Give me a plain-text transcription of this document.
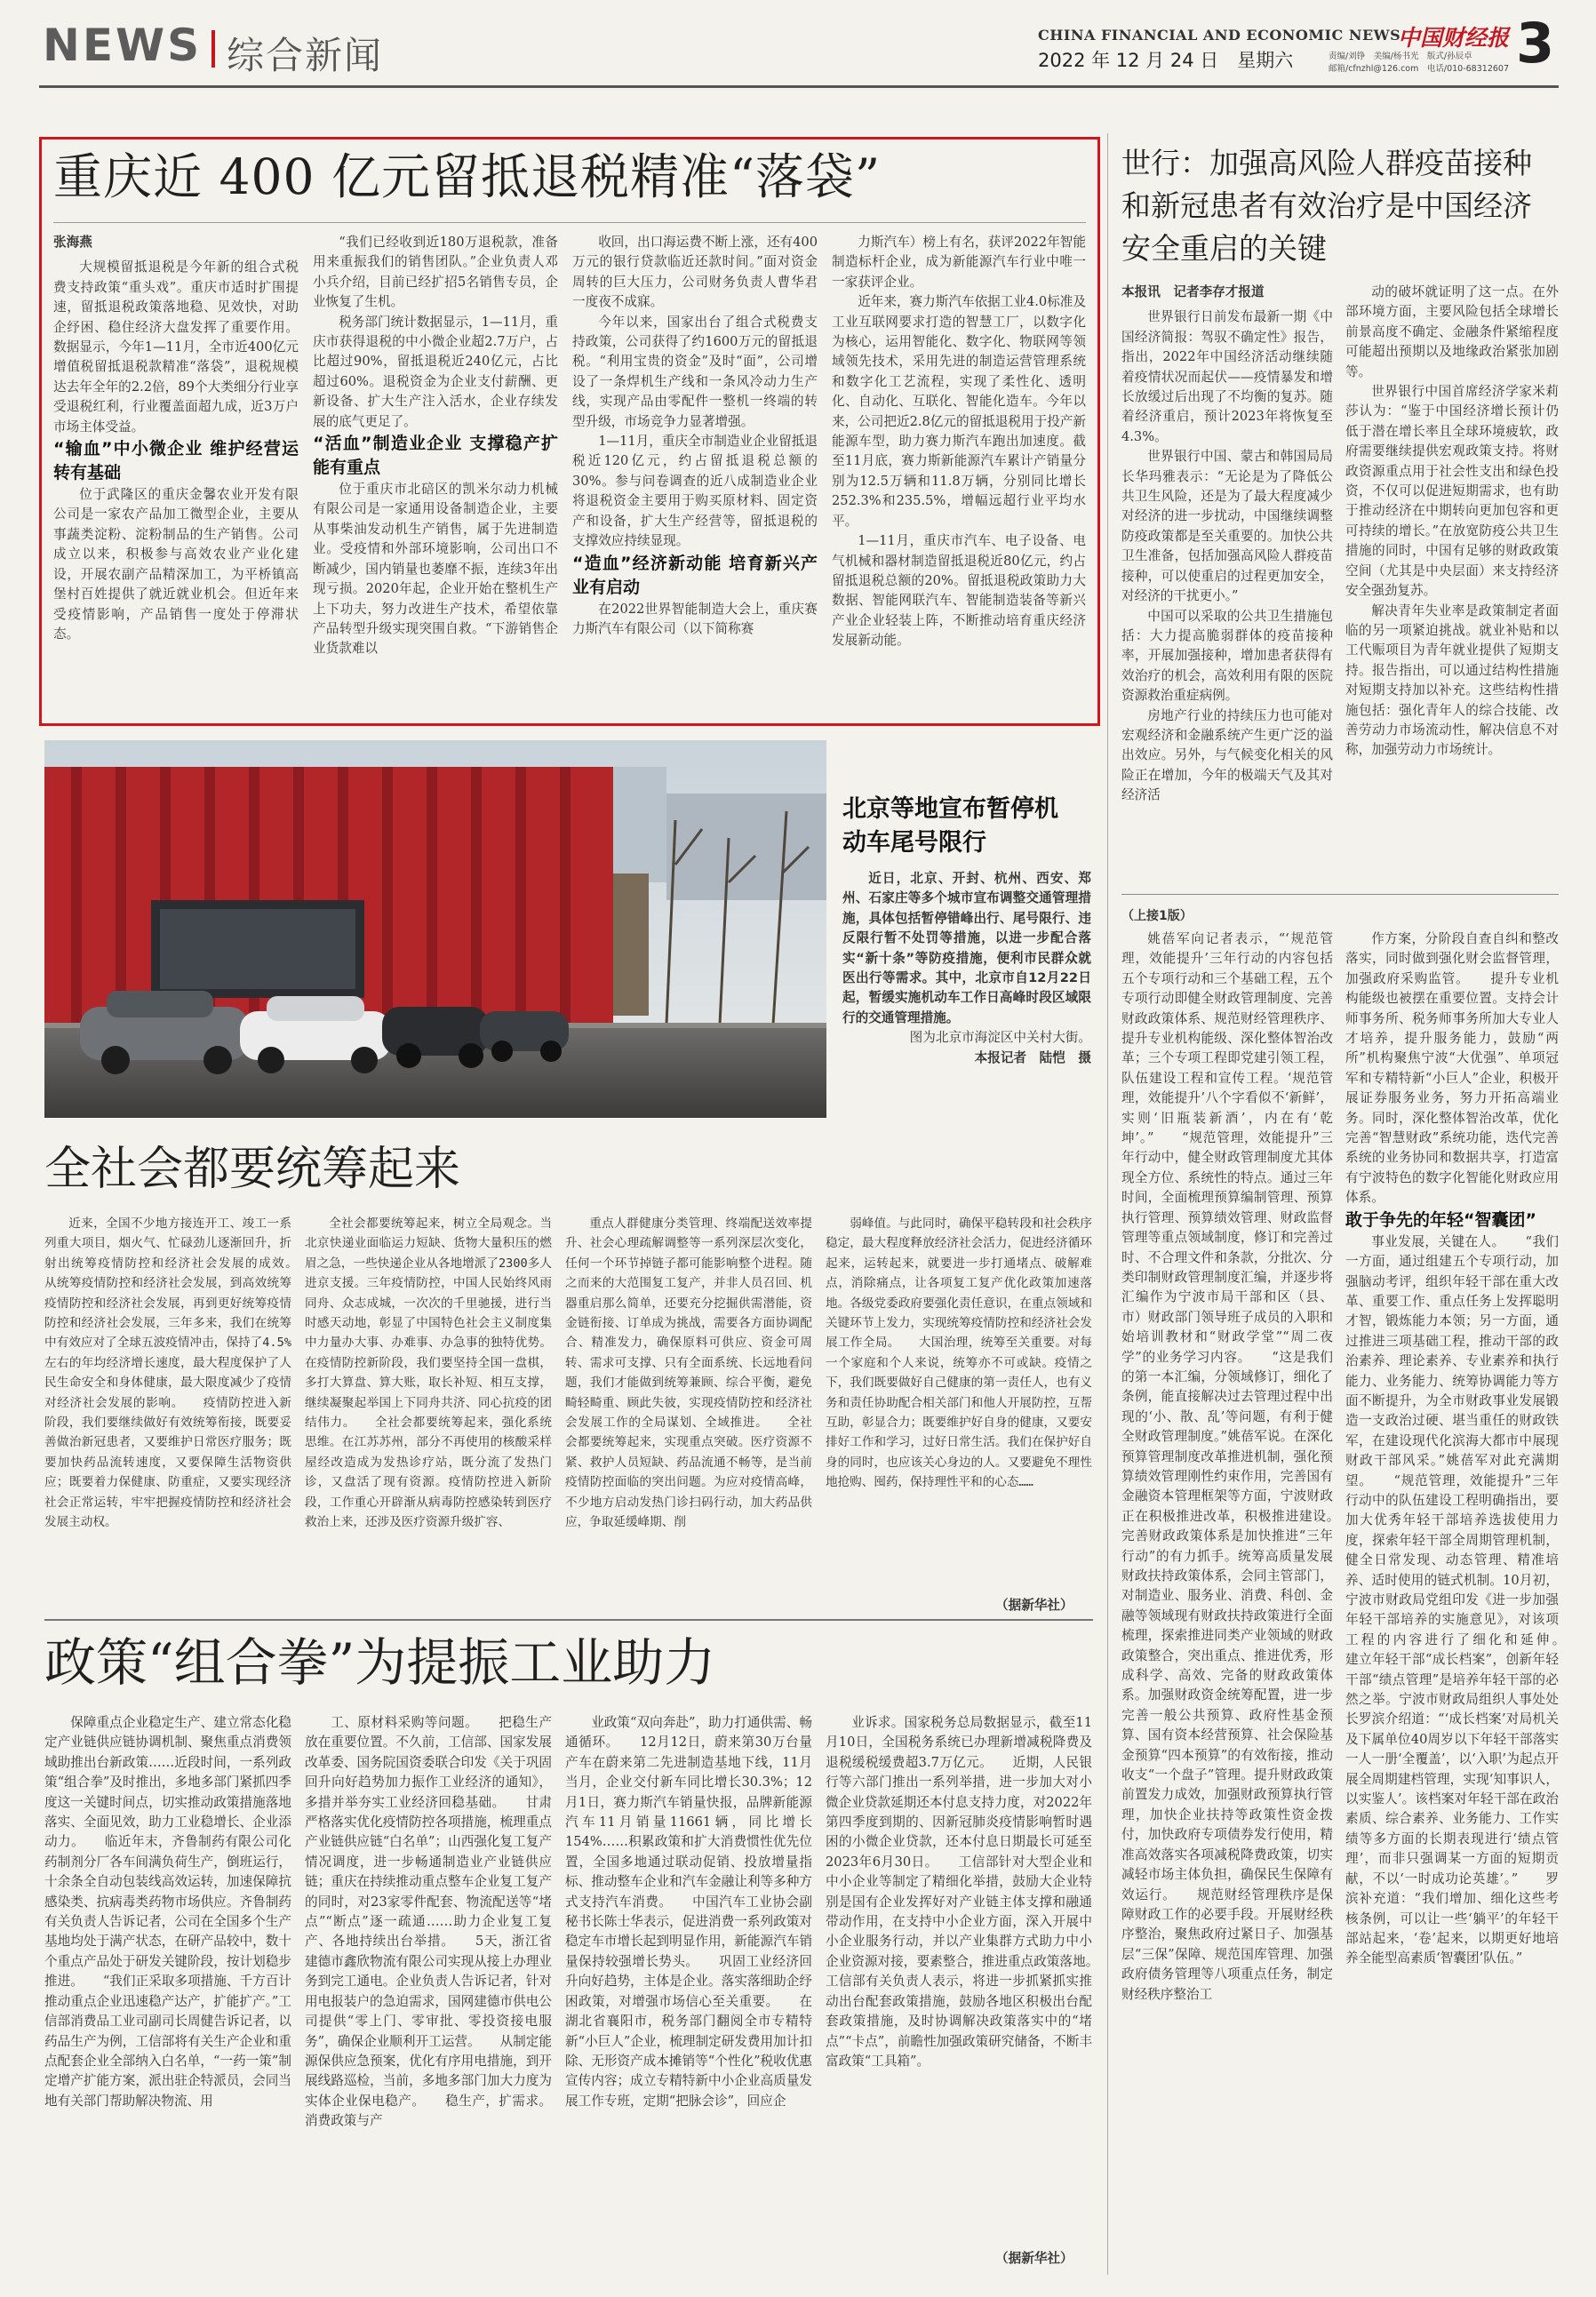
NEWS 综合新闻	CHINA FINANCIAL AND ECONOMIC NEWS
中国财经报
2022 年 12 月 24 日　星期六	责编/刘铮　美编/杨书光　版式/孙辰卓
邮箱/cfnzhl@126.com　电话/010-68312607 3
重庆近 400 亿元留抵退税精准“落袋”

张海燕

大规模留抵退税是今年新的组合式税费支持政策“重头戏”。重庆市适时扩围提速，留抵退税政策落地稳、见效快，对助企纾困、稳住经济大盘发挥了重要作用。数据显示，今年1—11月，全市近400亿元增值税留抵退税款精准“落袋”，退税规模达去年全年的2.2倍，89个大类细分行业享受退税红利，行业覆盖面超九成，近3万户市场主体受益。

“输血”中小微企业 维护经营运转有基础

位于武隆区的重庆金馨农业开发有限公司是一家农产品加工微型企业，主要从事蔬类淀粉、淀粉制品的生产销售。公司成立以来，积极参与高效农业产业化建设，开展农副产品精深加工，为平桥镇高堡村百姓提供了就近就业机会。但近年来受疫情影响，产品销售一度处于停滞状态。

“我们已经收到近180万退税款，准备用来重振我们的销售团队。”企业负责人邓小兵介绍，目前已经扩招5名销售专员，企业恢复了生机。

税务部门统计数据显示，1—11月，重庆市获得退税的中小微企业超2.7万户，占比超过90%，留抵退税近240亿元，占比超过60%。退税资金为企业支付薪酬、更新设备、扩大生产注入活水，企业存续发展的底气更足了。

“活血”制造业企业 支撑稳产扩能有重点

位于重庆市北碚区的凯米尔动力机械有限公司是一家通用设备制造企业，主要从事柴油发动机生产销售，属于先进制造业。受疫情和外部环境影响，公司出口不断减少，国内销量也萎靡不振，连续3年出现亏损。2020年起，企业开始在整机生产上下功夫，努力改进生产技术，希望依靠产品转型升级实现突围自救。“下游销售企业货款难以

收回，出口海运费不断上涨，还有400万元的银行贷款临近还款时间。”面对资金周转的巨大压力，公司财务负责人曹华君一度夜不成寐。

今年以来，国家出台了组合式税费支持政策，公司获得了约1600万元的留抵退税。“利用宝贵的资金”及时“面”，公司增设了一条焊机生产线和一条风冷动力生产线，实现产品由零配件一整机一终端的转型升级，市场竞争力显著增强。

1—11月，重庆全市制造业企业留抵退税近120亿元，约占留抵退税总额的30%。参与问卷调查的近八成制造业企业将退税资金主要用于购买原材料、固定资产和设备，扩大生产经营等，留抵退税的支撑效应持续显现。

“造血”经济新动能 培育新兴产业有启动

在2022世界智能制造大会上，重庆赛力斯汽车有限公司（以下简称赛

力斯汽车）榜上有名，获评2022年智能制造标杆企业，成为新能源汽车行业中唯一一家获评企业。

近年来，赛力斯汽车依据工业4.0标准及工业互联网要求打造的智慧工厂，以数字化为核心，运用智能化、数字化、物联网等领域领先技术，采用先进的制造运营管理系统和数字化工艺流程，实现了柔性化、透明化、自动化、互联化、智能化造车。今年以来，公司把近2.8亿元的留抵退税用于投产新能源车型，助力赛力斯汽车跑出加速度。截至11月底，赛力斯新能源汽车累计产销量分别为12.5万辆和11.8万辆，分别同比增长252.3%和235.5%，增幅远超行业平均水平。

1—11月，重庆市汽车、电子设备、电气机械和器材制造留抵退税近80亿元，约占留抵退税总额的20%。留抵退税政策助力大数据、智能网联汽车、智能制造装备等新兴产业企业轻装上阵，不断推动培育重庆经济发展新动能。

世行：加强高风险人群疫苗接种和新冠患者有效治疗是中国经济安全重启的关键

本报讯　记者李存才报道

世界银行日前发布最新一期《中国经济简报：驾驭不确定性》报告，指出，2022年中国经济活动继续随着疫情状况而起伏——疫情暴发和增长放缓过后出现了不均衡的复苏。随着经济重启，预计2023年将恢复至4.3%。

世界银行中国、蒙古和韩国局局长华玛雅表示：“无论是为了降低公共卫生风险，还是为了最大程度减少对经济的进一步扰动，中国继续调整防疫政策都是至关重要的。加快公共卫生准备，包括加强高风险人群疫苗接种，可以使重启的过程更加安全，对经济的干扰更小。”

中国可以采取的公共卫生措施包括：大力提高脆弱群体的疫苗接种率，开展加强接种，增加患者获得有效治疗的机会，高效利用有限的医院资源救治重症病例。

房地产行业的持续压力也可能对宏观经济和金融系统产生更广泛的溢出效应。另外，与气候变化相关的风险正在增加，今年的极端天气及其对经济活

动的破坏就证明了这一点。在外部环境方面，主要风险包括全球增长前景高度不确定、金融条件紧缩程度可能超出预期以及地缘政治紧张加剧等。

世界银行中国首席经济学家米莉莎认为：“鉴于中国经济增长预计仍低于潜在增长率且全球环境疲软，政府需要继续提供宏观政策支持。将财政资源重点用于社会性支出和绿色投资，不仅可以促进短期需求，也有助于推动经济在中期转向更加包容和更可持续的增长。”在放宽防疫公共卫生措施的同时，中国有足够的财政政策空间（尤其是中央层面）来支持经济安全强劲复苏。

解决青年失业率是政策制定者面临的另一项紧迫挑战。就业补贴和以工代赈项目为青年就业提供了短期支持。报告指出，可以通过结构性措施对短期支持加以补充。这些结构性措施包括：强化青年人的综合技能、改善劳动力市场流动性，解决信息不对称，加强劳动力市场统计。

北京等地宣布暂停机动车尾号限行

近日，北京、开封、杭州、西安、郑州、石家庄等多个城市宣布调整交通管理措施，具体包括暂停错峰出行、尾号限行、违反限行暂不处罚等措施，以进一步配合落实“新十条”等防疫措施，便利市民群众就医出行等需求。其中，北京市自12月22日起，暂缓实施机动车工作日高峰时段区域限行的交通管理措施。

图为北京市海淀区中关村大街。

本报记者　陆恺　摄

（上接1版）

姚蓓军向记者表示，“‘规范管理，效能提升’三年行动的内容包括五个专项行动和三个基础工程，五个专项行动即健全财政管理制度、完善财政政策体系、规范财经管理秩序、提升专业机构能级、深化整体智治改革；三个专项工程即党建引领工程，队伍建设工程和宣传工程。‘规范管理，效能提升’八个字看似不‘新鲜’，实则‘旧瓶装新酒’，内在有‘乾坤’。”　　“规范管理，效能提升”三年行动中，健全财政管理制度尤其体现全方位、系统性的特点。通过三年时间，全面梳理预算编制管理、预算执行管理、预算绩效管理、财政监督管理等重点领域制度，修订和完善过时、不合理文件和条款，分批次、分类印制财政管理制度汇编，并逐步将汇编作为宁波市局干部和区（县、市）财政部门领导班子成员的入职和始培训教材和“财政学堂”“周二夜学”的业务学习内容。　　“这是我们的第一本汇编，分领域修订，细化了条例，能直接解决过去管理过程中出现的‘小、散、乱’等问题，有利于健全财政管理制度。”姚蓓军说。在深化预算管理制度改革推进机制，强化预算绩效管理刚性约束作用，完善国有金融资本管理框架等方面，宁波财政正在积极推进改革，积极推进建设。　　完善财政政策体系是加快推进“三年行动”的有力抓手。统筹高质量发展财政扶持政策体系，会同主管部门，对制造业、服务业、消费、科创、金融等领域现有财政扶持政策进行全面梳理，探索推进同类产业领域的财政政策整合，突出重点、推进优秀，形成科学、高效、完备的财政政策体系。加强财政资金统筹配置，进一步完善一般公共预算、政府性基金预算、国有资本经营预算、社会保险基金预算“四本预算”的有效衔接，推动收支“一个盘子”管理。提升财政政策前置发力成效，加强财政预算执行管理，加快企业扶持等政策性资金拨付，加快政府专项债券发行使用，精准高效落实各项减税降费政策，切实减轻市场主体负担，确保民生保障有效运行。　　规范财经管理秩序是保障财政工作的必要手段。开展财经秩序整治，聚焦政府过紧日子、加强基层“三保”保障、规范国库管理、加强政府债务管理等八项重点任务，制定财经秩序整治工

作方案，分阶段自查自纠和整改落实，同时做到强化财会监督管理，加强政府采购监管。　　提升专业机构能级也被摆在重要位置。支持会计师事务所、税务师事务所加大专业人才培养，提升服务能力，鼓励“两所”机构聚焦宁波“大优强”、单项冠军和专精特新“小巨人”企业，积极开展证券服务业务，努力开拓高端业务。同时，深化整体智治改革，优化完善“智慧财政”系统功能，迭代完善系统的业务协同和数据共享，打造富有宁波特色的数字化智能化财政应用体系。

敢于争先的年轻“智囊团”

事业发展，关键在人。　　“我们一方面，通过组建五个专项行动，加强脑动考评，组织年轻干部在重大改革、重要工作、重点任务上发挥聪明才智，锻炼能力本领；另一方面，通过推进三项基础工程，推动干部的政治素养、理论素养、专业素养和执行能力、业务能力、统筹协调能力等方面不断提升，为全市财政事业发展锻造一支政治过硬、堪当重任的财政铁军，在建设现代化滨海大都市中展现财政干部风采。”姚蓓军对此充满期望。　　“规范管理，效能提升”三年行动中的队伍建设工程明确指出，要加大优秀年轻干部培养选拔使用力度，探索年轻干部全周期管理机制，健全日常发现、动态管理、精准培养、适时使用的链式机制。10月初，宁波市财政局党组印发《进一步加强年轻干部培养的实施意见》，对该项工程的内容进行了细化和延伸。　　建立年轻干部“成长档案”，创新年轻干部“绩点管理”是培养年轻干部的必然之举。宁波市财政局组织人事处处长罗滨介绍道：“‘成长档案’对局机关及下属单位40周岁以下年轻干部落实一人一册‘全覆盖’，以‘入职’为起点开展全周期建档管理，实现‘知事识人，以实鉴人’。该档案对年轻干部在政治素质、综合素养、业务能力、工作实绩等多方面的长期表现进行‘绩点管理’，而非只强调某一方面的短期贡献，不以‘一时成功论英雄’。”　　罗滨补充道：“我们增加、细化这些考核条例，可以让一些‘躺平’的年轻干部站起来，‘卷’起来，以期更好地培养全能型高素质‘智囊团’队伍。”

全社会都要统筹起来

近来，全国不少地方接连开工、竣工一系列重大项目，烟火气、忙碌劲儿逐渐回升，折射出统筹疫情防控和经济社会发展的成效。　　从统筹疫情防控和经济社会发展，到高效统筹疫情防控和经济社会发展，再到更好统筹疫情防控和经济社会发展，三年多来，我们在统筹中有效应对了全球五波疫情冲击，保持了4.5%左右的年均经济增长速度，最大程度保护了人民生命安全和身体健康，最大限度减少了疫情对经济社会发展的影响。　　疫情防控进入新阶段，我们要继续做好有效统筹衔接，既要妥善做治新冠患者，又要维护日常医疗服务；既要加快药品流转速度，又要保障生活物资供应；既要着力保健康、防重症，又要实现经济社会正常运转，牢牢把握疫情防控和经济社会发展主动权。

全社会都要统筹起来，树立全局观念。当北京快递业面临运力短缺、货物大量积压的燃眉之急，一些快递企业从各地增派了2300多人进京支援。三年疫情防控，中国人民始终风雨同舟、众志成城，一次次的千里驰援，进行当时感天动地，彰显了中国特色社会主义制度集中力量办大事、办难事、办急事的独特优势。在疫情防控新阶段，我们要坚持全国一盘棋，多打大算盘、算大账，取长补短、相互支撑，继续凝聚起举国上下同舟共济、同心抗疫的团结伟力。　　全社会都要统筹起来，强化系统思维。在江苏苏州，部分不再使用的核酸采样屋经改造成为发热诊疗站，既分流了发热门诊，又盘活了现有资源。疫情防控进入新阶段，工作重心开辟渐从病毒防控感染转到医疗救治上来，还涉及医疗资源升级扩容、

重点人群健康分类管理、终端配送效率提升、社会心理疏解调整等一系列深层次变化，任何一个环节掉链子都可能影响整个进程。随之而来的大范围复工复产，并非人员召回、机器重启那么简单，还要充分挖掘供需潜能，资金链衔接、订单成为挑战，需要各方面协调配合、精准发力，确保原料可供应、资金可周转、需求可支撑、只有全面系统、长远地看问题，我们才能做到统筹兼顾、综合平衡，避免畸轻畸重、顾此失彼，实现疫情防控和经济社会发展工作的全局谋划、全域推进。　　全社会都要统筹起来，实现重点突破。医疗资源不紧、救护人员短缺、药品流通不畅等，是当前疫情防控面临的突出问题。为应对疫情高峰，不少地方启动发热门诊扫码行动，加大药品供应，争取延缓峰期、削

弱峰值。与此同时，确保平稳转段和社会秩序稳定，最大程度释放经济社会活力，促进经济循环起来，运转起来，就要进一步打通堵点、破解难点，消除痛点，让各项复工复产优化政策加速落地。各级党委政府要强化责任意识，在重点领域和关键环节上发力，实现统筹疫情防控和经济社会发展工作全局。　　大国治理，统筹至关重要。对每一个家庭和个人来说，统筹亦不可或缺。疫情之下，我们既要做好自己健康的第一责任人，也有义务和责任协助配合相关部门和他人开展防控，互帮互助，彰显合力；既要维护好自身的健康，又要安排好工作和学习，过好日常生活。我们在保护好自身的同时，也应该关心身边的人。又要避免不理性地抢购、囤药，保持理性平和的心态……

（据新华社）
政策“组合拳”为提振工业助力

保障重点企业稳定生产、建立常态化稳定产业链供应链协调机制、聚焦重点消费领域助推出台新政策……近段时间，一系列政策“组合拳”及时推出，多地多部门紧抓四季度这一关键时间点，切实推动政策措施落地落实、全面见效，助力工业稳增长、企业添动力。　　临近年末，齐鲁制药有限公司化药制剂分厂各车间满负荷生产，倒班运行，十余条全自动包装线高效运转，加速保障抗感染类、抗病毒类药物市场供应。齐鲁制药有关负责人告诉记者，公司在全国多个生产基地均处于满产状态，在研产品较中，数十个重点产品处于研发关键阶段，按计划稳步推进。　　“我们正采取多项措施、千方百计推动重点企业迅速稳产达产，扩能扩产。”工信部消费品工业司副司长周健告诉记者，以药品生产为例，工信部将有关生产企业和重点配套企业全部纳入白名单，“一药一策”制定增产扩能方案，派出驻企特派员，会同当地有关部门帮助解决物流、用

工、原材料采购等问题。　　把稳生产放在重要位置。不久前，工信部、国家发展改革委、国务院国资委联合印发《关于巩固回升向好趋势加力振作工业经济的通知》，多措并举夯实工业经济回稳基础。　　甘肃严格落实优化疫情防控各项措施，梳理重点产业链供应链“白名单”；山西强化复工复产情况调度，进一步畅通制造业产业链供应链；重庆在持续推动重点整车企业复工复产的同时，对23家零件配套、物流配送等“堵点”“断点”逐一疏通……助力企业复工复产、各地持续出台举措。　　5天，浙江省建德市鑫欣物流有限公司实现从接上办理业务到完工通电。企业负责人告诉记者，针对用电报装户的急迫需求，国网建德市供电公司提供“零上门、零审批、零投资接电服务”，确保企业顺利开工运营。　　从制定能源保供应急预案，优化有序用电措施，到开展线路巡检，当前，多地多部门加大力度为实体企业保电稳产。　　稳生产，扩需求。消费政策与产

业政策“双向奔赴”，助力打通供需、畅通循环。　　12月12日，蔚来第30万台量产车在蔚来第二先进制造基地下线，11月当月，企业交付新车同比增长30.3%；12月1日，赛力斯汽车销量快报，品牌新能源汽车11月销量11661辆，同比增长154%……积累政策和扩大消费惯性优先位置，全国多地通过联动促销、投放增量指标、推动整车企业和汽车金融让利等多种方式支持汽车消费。　　中国汽车工业协会副秘书长陈士华表示，促进消费一系列政策对稳定车市增长起到明显作用，新能源汽车销量保持较强增长势头。　　巩固工业经济回升向好趋势，主体是企业。落实落细助企纾困政策，对增强市场信心至关重要。　　在湖北省襄阳市，税务部门翻阅全市专精特新“小巨人”企业，梳理制定研发费用加计扣除、无形资产成本摊销等“个性化”税收优惠宣传内容；成立专精特新中小企业高质量发展工作专班，定期“把脉会诊”，回应企

业诉求。国家税务总局数据显示，截至11月10日，全国税务系统已办理新增减税降费及退税缓税缓费超3.7万亿元。　　近期，人民银行等六部门推出一系列举措，进一步加大对小微企业贷款延期还本付息支持力度，对2022年第四季度到期的、因新冠肺炎疫情影响暂时遇困的小微企业贷款，还本付息日期最长可延至2023年6月30日。　　工信部针对大型企业和中小企业等制定了精细化举措，鼓励大企业特别是国有企业发挥好对产业链主体支撑和融通带动作用，在支持中小企业方面，深入开展中小企业服务行动，并以产业集群方式助力中小企业资源对接，要素整合，推进重点政策落地。　　工信部有关负责人表示，将进一步抓紧抓实推动出台配套政策措施，鼓励各地区积极出台配套政策措施，及时协调解决政策落实中的“堵点”“卡点”，前瞻性加强政策研究储备，不断丰富政策“工具箱”。

（据新华社）
